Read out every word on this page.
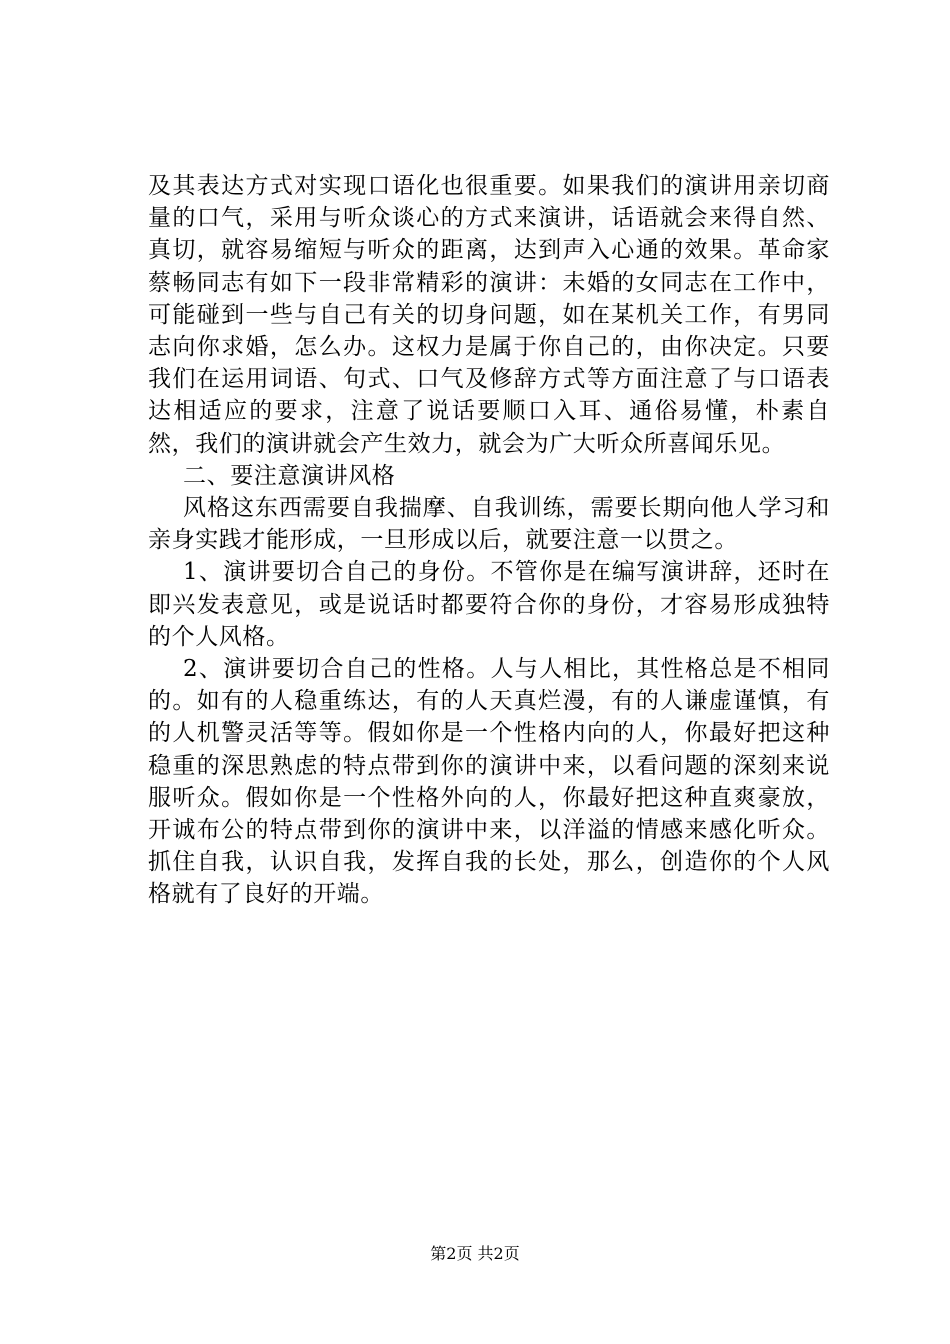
及其表达方式对实现口语化也很重要。如果我们的演讲用亲切商量的口气，采用与听众谈心的方式来演讲，话语就会来得自然、真切，就容易缩短与听众的距离，达到声入心通的效果。革命家蔡畅同志有如下一段非常精彩的演讲：未婚的女同志在工作中，可能碰到一些与自己有关的切身问题，如在某机关工作，有男同志向你求婚，怎么办。这权力是属于你自己的，由你决定。只要我们在运用词语、句式、口气及修辞方式等方面注意了与口语表达相适应的要求，注意了说话要顺口入耳、通俗易懂，朴素自然，我们的演讲就会产生效力，就会为广大听众所喜闻乐见。

二、要注意演讲风格

风格这东西需要自我揣摩、自我训练，需要长期向他人学习和亲身实践才能形成，一旦形成以后，就要注意一以贯之。

1、演讲要切合自己的身份。不管你是在编写演讲辞，还时在即兴发表意见，或是说话时都要符合你的身份，才容易形成独特的个人风格。

2、演讲要切合自己的性格。人与人相比，其性格总是不相同的。如有的人稳重练达，有的人天真烂漫，有的人谦虚谨慎，有的人机警灵活等等。假如你是一个性格内向的人，你最好把这种稳重的深思熟虑的特点带到你的演讲中来，以看问题的深刻来说服听众。假如你是一个性格外向的人，你最好把这种直爽豪放，开诚布公的特点带到你的演讲中来，以洋溢的情感来感化听众。抓住自我，认识自我，发挥自我的长处，那么，创造你的个人风格就有了良好的开端。

第2页 共2页
